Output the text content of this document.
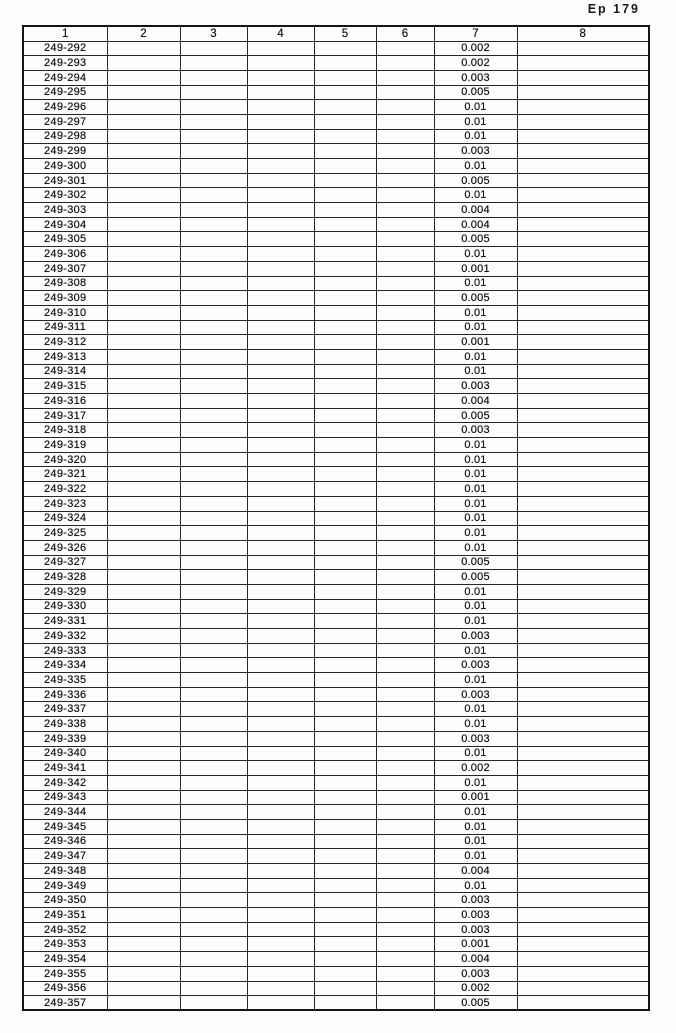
Ep 179
1	2	3	4	5	6	7	8
249-292						0.002	
249-293						0.002	
249-294						0.003	
249-295						0.005	
249-296						0.01	
249-297						0.01	
249-298						0.01	
249-299						0.003	
249-300						0.01	
249-301						0.005	
249-302						0.01	
249-303						0.004	
249-304						0.004	
249-305						0.005	
249-306						0.01	
249-307						0.001	
249-308						0.01	
249-309						0.005	
249-310						0.01	
249-311						0.01	
249-312						0.001	
249-313						0.01	
249-314						0.01	
249-315						0.003	
249-316						0.004	
249-317						0.005	
249-318						0.003	
249-319						0.01	
249-320						0.01	
249-321						0.01	
249-322						0.01	
249-323						0.01	
249-324						0.01	
249-325						0.01	
249-326						0.01	
249-327						0.005	
249-328						0.005	
249-329						0.01	
249-330						0.01	
249-331						0.01	
249-332						0.003	
249-333						0.01	
249-334						0.003	
249-335						0.01	
249-336						0.003	
249-337						0.01	
249-338						0.01	
249-339						0.003	
249-340						0.01	
249-341						0.002	
249-342						0.01	
249-343						0.001	
249-344						0.01	
249-345						0.01	
249-346						0.01	
249-347						0.01	
249-348						0.004	
249-349						0.01	
249-350						0.003	
249-351						0.003	
249-352						0.003	
249-353						0.001	
249-354						0.004	
249-355						0.003	
249-356						0.002	
249-357						0.005	
